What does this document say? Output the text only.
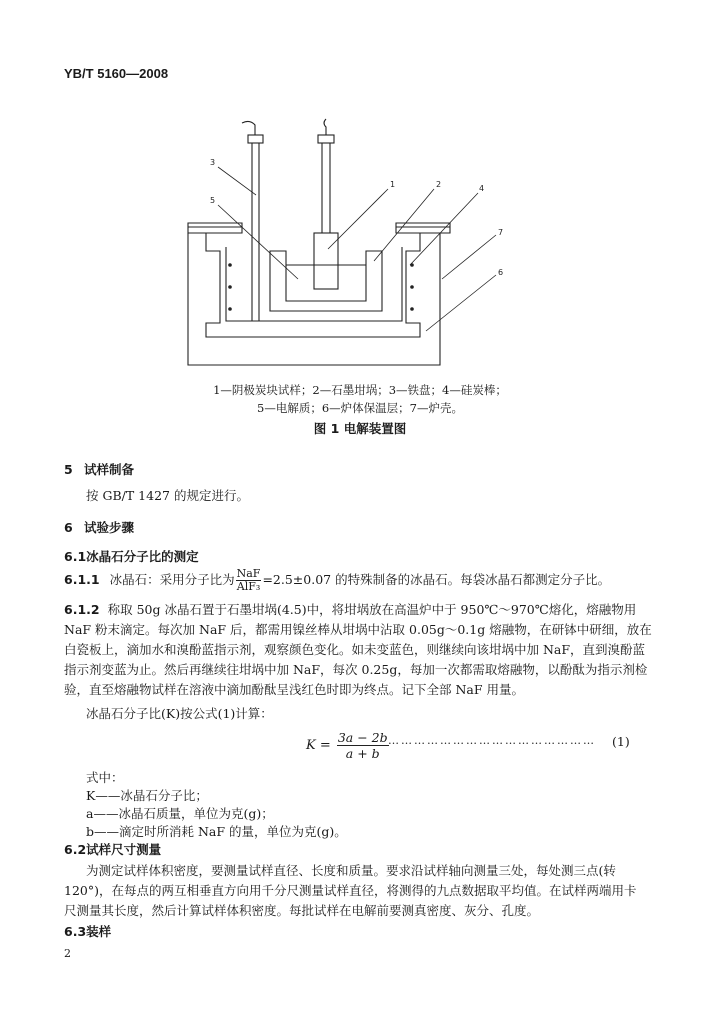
YB/T 5160—2008
3
5
1	2	4
7
6
1—阴极炭块试样；2—石墨坩埚；3—铁盘；4—硅炭棒；
5—电解质；6—炉体保温层；7—炉壳。
图 1 电解装置图
5 试样制备
按 GB/T 1427 的规定进行。
6 试验步骤
6.1冰晶石分子比的测定
6.1.1 冰晶石：采用分子比为 $\frac{\text{NaF}}{\text{AlF₃}} =2.5\pm 0.07$ 的特殊制备的冰晶石。每袋冰晶石都测定分子比。
6.1.2 称取 50g 冰晶石置于石墨坩埚(4.5)中，将坩埚放在高温炉中于 950℃～970℃熔化，熔融物用
NaF 粉末滴定。每次加 NaF 后，都需用镍丝棒从坩埚中沾取 0.05g～0.1g 熔融物，在研钵中研细，放在
白瓷板上，滴加水和溴酚蓝指示剂，观察颜色变化。如未变蓝色，则继续向该坩埚中加 NaF，直到溴酚蓝
指示剂变蓝为止。然后再继续往坩埚中加 NaF，每次 0.25g，每加一次都需取熔融物，以酚酞为指示剂检
验，直至熔融物试样在溶液中滴加酚酞呈浅红色时即为终点。记下全部 NaF 用量。
冰晶石分子比(K)按公式(1)计算：
$K = \frac{3a - 2b}{a + b}$ ………………………………………… (1)
式中：
K——冰晶石分子比；
a——冰晶石质量，单位为克(g)；
b——滴定时所消耗 NaF 的量，单位为克(g)。
6.2试样尺寸测量
为测定试样体积密度，要测量试样直径、长度和质量。要求沿试样轴向测量三处，每处测三点(转
120°)，在每点的两互相垂直方向用千分尺测量试样直径，将测得的九点数据取平均值。在试样两端用卡
尺测量其长度，然后计算试样体积密度。每批试样在电解前要测真密度、灰分、孔度。
6.3装样
2
